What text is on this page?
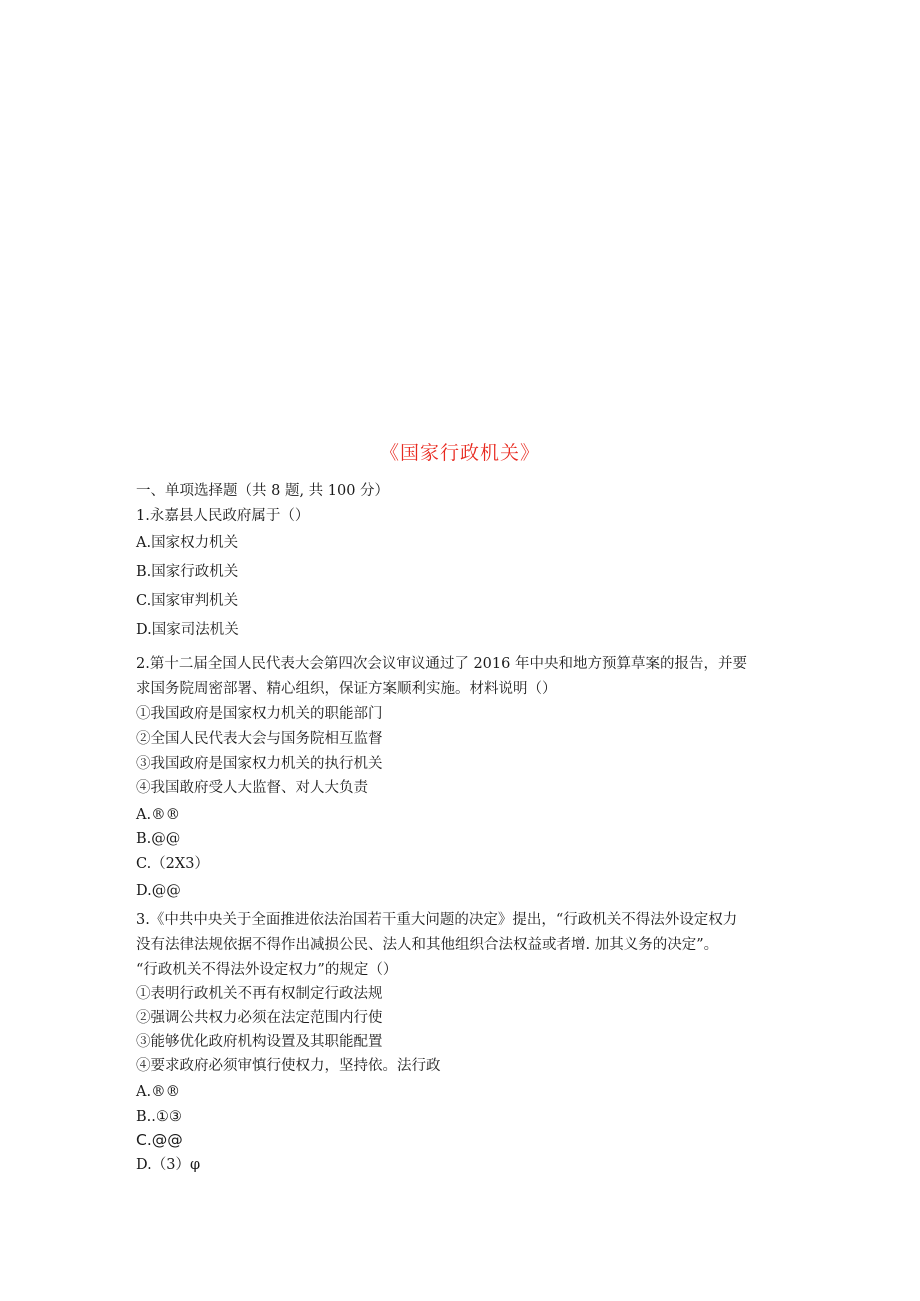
《国家行政机关》
一、单项选择题（共 8 题, 共 100 分）
1.永嘉县人民政府属于（）
A.国家权力机关
B.国家行政机关
C.国家审判机关
D.国家司法机关
2.第十二届全国人民代表大会第四次会议审议通过了 2016 年中央和地方预算草案的报告，并要
求国务院周密部署、精心组织，保证方案顺利实施。材料说明（）
①我国政府是国家权力机关的职能部门
②全国人民代表大会与国务院相互监督
③我国政府是国家权力机关的执行机关
④我国敢府受人大监督、对人大负责
A.®®
B.@@
C.（2X3）
D.@@
3.《中共中央关于全面推进依法治国若干重大问题的决定》提出，“行政机关不得法外设定权力
没有法律法规依据不得作出减损公民、法人和其他组织合法权益或者增. 加其义务的决定”。
“行政机关不得法外设定权力”的规定（）
①表明行政机关不再有权制定行政法规
②强调公共权力必须在法定范围内行使
③能够优化政府机构设置及其职能配置
④要求政府必须审慎行使权力，坚持依。法行政
A.®®
B..①③
C.@@
D.（3）φ
